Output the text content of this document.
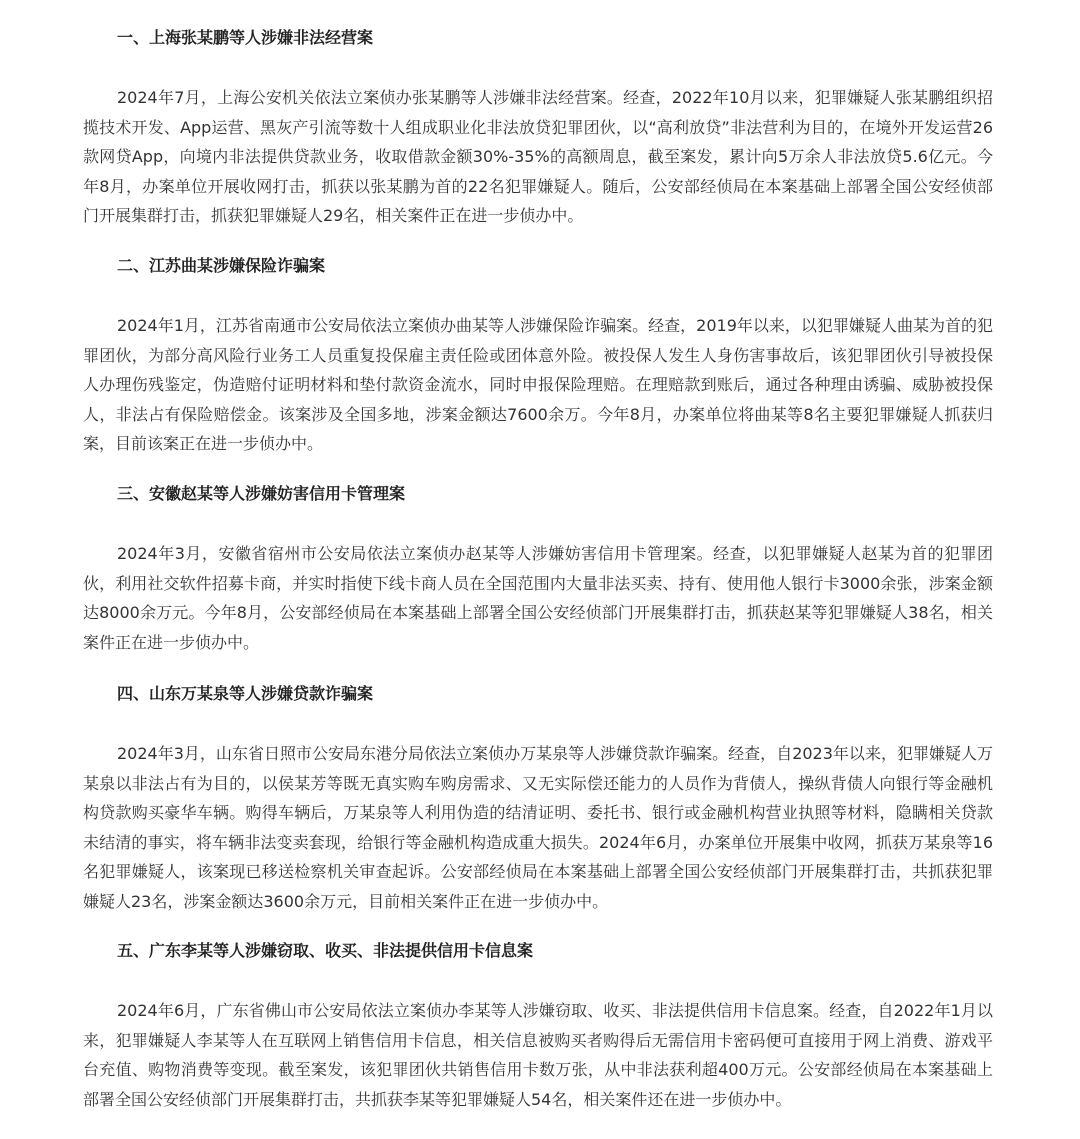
一、上海张某鹏等人涉嫌非法经营案

2024年7月，上海公安机关依法立案侦办张某鹏等人涉嫌非法经营案。经查，2022年10月以来，犯罪嫌疑人张某鹏组织招揽技术开发、App运营、黑灰产引流等数十人组成职业化非法放贷犯罪团伙，以“高利放贷”非法营利为目的，在境外开发运营26款网贷App，向境内非法提供贷款业务，收取借款金额30%-35%的高额周息，截至案发，累计向5万余人非法放贷5.6亿元。今年8月，办案单位开展收网打击，抓获以张某鹏为首的22名犯罪嫌疑人。随后，公安部经侦局在本案基础上部署全国公安经侦部门开展集群打击，抓获犯罪嫌疑人29名，相关案件正在进一步侦办中。

二、江苏曲某涉嫌保险诈骗案

2024年1月，江苏省南通市公安局依法立案侦办曲某等人涉嫌保险诈骗案。经查，2019年以来，以犯罪嫌疑人曲某为首的犯罪团伙，为部分高风险行业务工人员重复投保雇主责任险或团体意外险。被投保人发生人身伤害事故后，该犯罪团伙引导被投保人办理伤残鉴定，伪造赔付证明材料和垫付款资金流水，同时申报保险理赔。在理赔款到账后，通过各种理由诱骗、威胁被投保人，非法占有保险赔偿金。该案涉及全国多地，涉案金额达7600余万。今年8月，办案单位将曲某等8名主要犯罪嫌疑人抓获归案，目前该案正在进一步侦办中。

三、安徽赵某等人涉嫌妨害信用卡管理案

2024年3月，安徽省宿州市公安局依法立案侦办赵某等人涉嫌妨害信用卡管理案。经查，以犯罪嫌疑人赵某为首的犯罪团伙，利用社交软件招募卡商，并实时指使下线卡商人员在全国范围内大量非法买卖、持有、使用他人银行卡3000余张，涉案金额达8000余万元。今年8月，公安部经侦局在本案基础上部署全国公安经侦部门开展集群打击，抓获赵某等犯罪嫌疑人38名，相关案件正在进一步侦办中。

四、山东万某泉等人涉嫌贷款诈骗案

2024年3月，山东省日照市公安局东港分局依法立案侦办万某泉等人涉嫌贷款诈骗案。经查，自2023年以来，犯罪嫌疑人万某泉以非法占有为目的，以侯某芳等既无真实购车购房需求、又无实际偿还能力的人员作为背债人，操纵背债人向银行等金融机构贷款购买豪华车辆。购得车辆后，万某泉等人利用伪造的结清证明、委托书、银行或金融机构营业执照等材料，隐瞒相关贷款未结清的事实，将车辆非法变卖套现，给银行等金融机构造成重大损失。2024年6月，办案单位开展集中收网，抓获万某泉等16名犯罪嫌疑人，该案现已移送检察机关审查起诉。公安部经侦局在本案基础上部署全国公安经侦部门开展集群打击，共抓获犯罪嫌疑人23名，涉案金额达3600余万元，目前相关案件正在进一步侦办中。

五、广东李某等人涉嫌窃取、收买、非法提供信用卡信息案

2024年6月，广东省佛山市公安局依法立案侦办李某等人涉嫌窃取、收买、非法提供信用卡信息案。经查，自2022年1月以来，犯罪嫌疑人李某等人在互联网上销售信用卡信息，相关信息被购买者购得后无需信用卡密码便可直接用于网上消费、游戏平台充值、购物消费等变现。截至案发，该犯罪团伙共销售信用卡数万张，从中非法获利超400万元。公安部经侦局在本案基础上部署全国公安经侦部门开展集群打击，共抓获李某等犯罪嫌疑人54名，相关案件还在进一步侦办中。
